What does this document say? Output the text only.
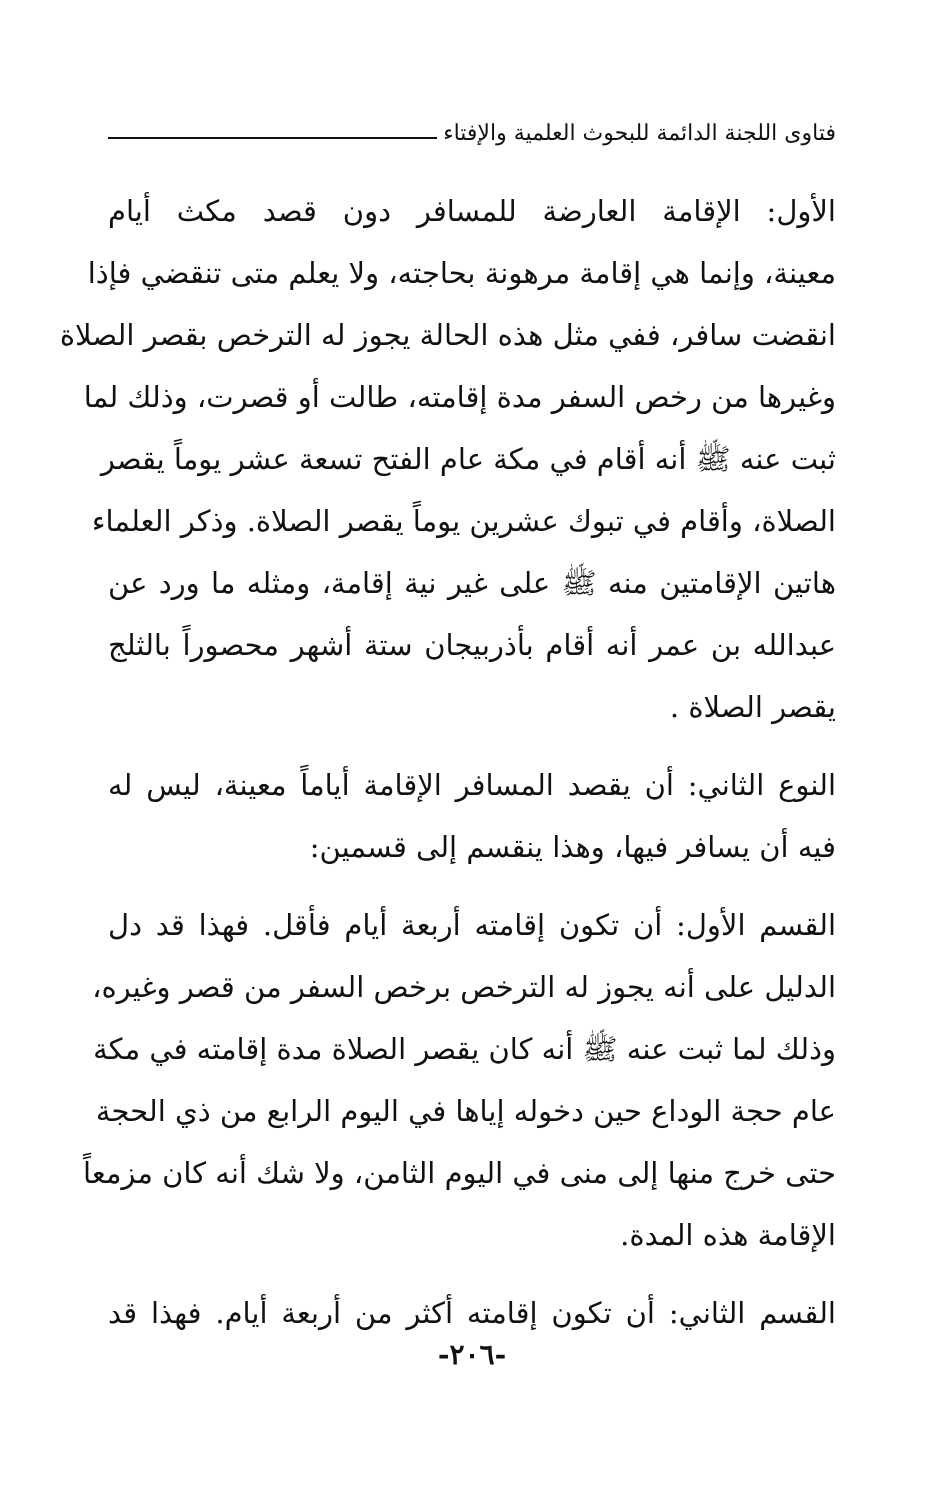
فتاوى اللجنة الدائمة للبحوث العلمية والإفتاء
الأول: الإقامة العارضة للمسافر دون قصد مكث أيام
معينة، وإنما هي إقامة مرهونة بحاجته، ولا يعلم متى تنقضي فإذا
انقضت سافر، ففي مثل هذه الحالة يجوز له الترخص بقصر الصلاة
وغيرها من رخص السفر مدة إقامته، طالت أو قصرت، وذلك لما
ثبت عنه ﷺ أنه أقام في مكة عام الفتح تسعة عشر يوماً يقصر
الصلاة، وأقام في تبوك عشرين يوماً يقصر الصلاة. وذكر العلماء
هاتين الإقامتين منه ﷺ على غير نية إقامة، ومثله ما ورد عن
عبدالله بن عمر أنه أقام بأذربيجان ستة أشهر محصوراً بالثلج
يقصر الصلاة .
النوع الثاني: أن يقصد المسافر الإقامة أياماً معينة، ليس له
فيه أن يسافر فيها، وهذا ينقسم إلى قسمين:
القسم الأول: أن تكون إقامته أربعة أيام فأقل. فهذا قد دل
الدليل على أنه يجوز له الترخص برخص السفر من قصر وغيره،
وذلك لما ثبت عنه ﷺ أنه كان يقصر الصلاة مدة إقامته في مكة
عام حجة الوداع حين دخوله إياها في اليوم الرابع من ذي الحجة
حتى خرج منها إلى منى في اليوم الثامن، ولا شك أنه كان مزمعاً
الإقامة هذه المدة.
القسم الثاني: أن تكون إقامته أكثر من أربعة أيام. فهذا قد
-٢٠٦-
